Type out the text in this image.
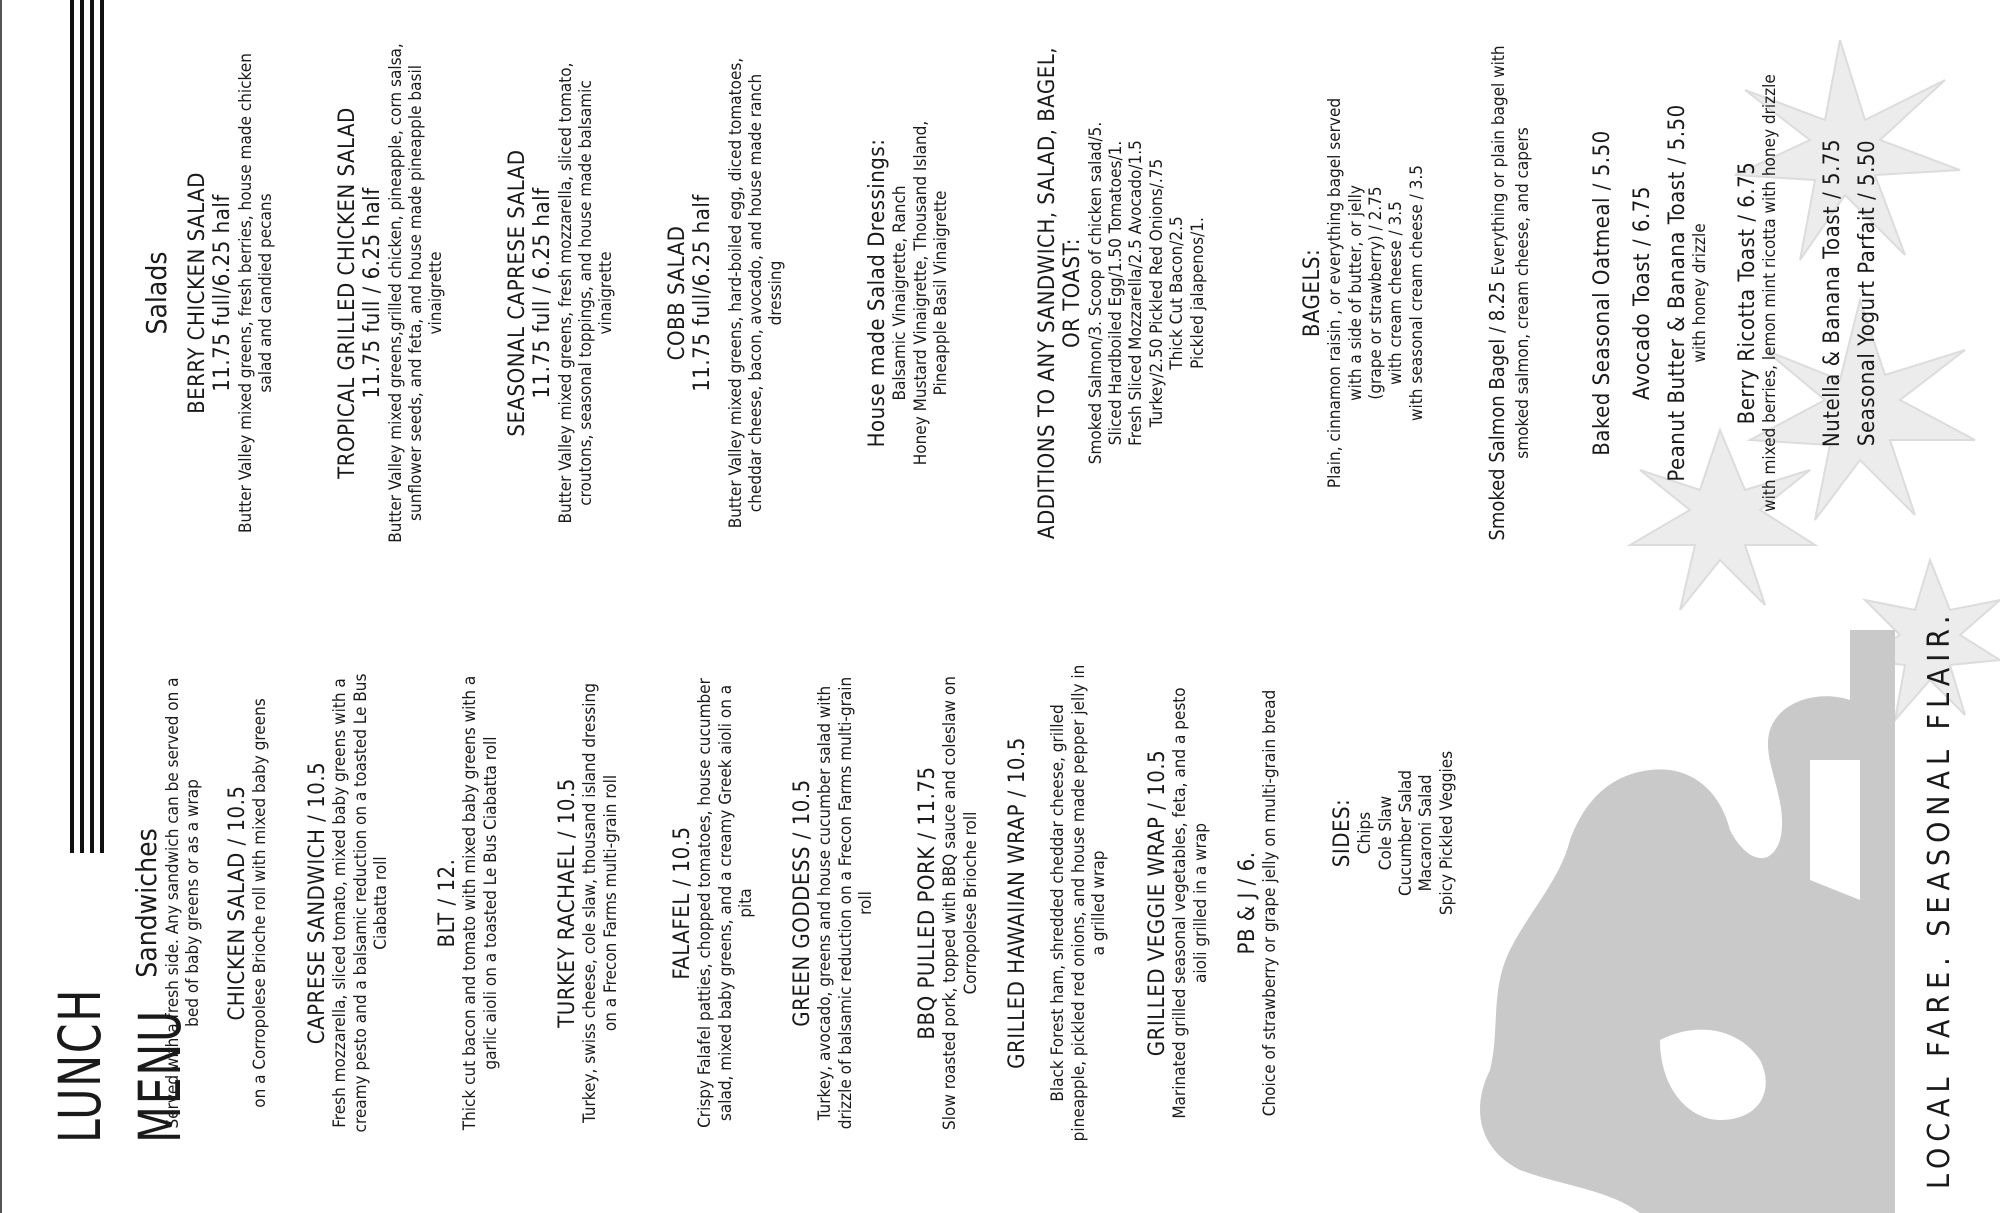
LUNCH MENU
Sandwiches Served with a fresh side. Any sandwich can be served on a bed of baby greens or as a wrap CHICKEN SALAD / 10.5 on a Corropolese Brioche roll with mixed baby greens CAPRESE SANDWICH / 10.5 Fresh mozzarella, sliced tomato, mixed baby greens with a creamy pesto and a balsamic reduction on a toasted Le Bus Ciabatta roll BLT / 12. Thick cut bacon and tomato with mixed baby greens with a garlic aioli on a toasted Le Bus Ciabatta roll TURKEY RACHAEL / 10.5 Turkey, swiss cheese, cole slaw, thousand island dressing on a Frecon Farms multi-grain roll FALAFEL / 10.5 Crispy Falafel patties, chopped tomatoes, house cucumber salad, mixed baby greens, and a creamy Greek aioli on a pita GREEN GODDESS / 10.5 Turkey, avocado, greens and house cucumber salad with drizzle of balsamic reduction on a Frecon Farms multi-grain roll BBQ PULLED PORK / 11.75 Slow roasted pork, topped with BBQ sauce and coleslaw on Corropolese Brioche roll GRILLED HAWAIIAN WRAP / 10.5 Black Forest ham, shredded cheddar cheese, grilled pineapple, pickled red onions, and house made pepper jelly in a grilled wrap GRILLED VEGGIE WRAP / 10.5 Marinated grilled seasonal vegetables, feta, and a pesto aioli grilled in a wrap PB & J / 6. Choice of strawberry or grape jelly on multi-grain bread SIDES: Chips Cole Slaw Cucumber Salad Macaroni Salad Spicy Pickled Veggies
Salads BERRY CHICKEN SALAD 11.75 full/6.25 half Butter Valley mixed greens, fresh berries, house made chicken salad and candied pecans	TROPICAL GRILLED CHICKEN SALAD 11.75 full / 6.25 half Butter Valley mixed greens,grilled chicken, pineapple, corn salsa, sunflower seeds, and feta, and house made pineapple basil vinaigrette	SEASONAL CAPRESE SALAD 11.75 full / 6.25 half Butter Valley mixed greens, fresh mozzarella, sliced tomato, croutons, seasonal toppings, and house made balsamic vinaigrette COBB SALAD 11.75 full/6.25 half Butter Valley mixed greens, hard-boiled egg, diced tomatoes, cheddar cheese, bacon, avocado, and house made ranch dressing	House made Salad Dressings: Balsamic Vinaigrette, Ranch Honey Mustard Vinaigrette, Thousand Island, Pineapple Basil Vinaigrette	ADDITIONS TO ANY SANDWICH, SALAD, BAGEL, OR TOAST: Smoked Salmon/3. Scoop of chicken salad/5. Sliced Hardboiled Egg/1.50 Tomatoes/1. Fresh Sliced Mozzarella/2.5 Avocado/1.5 Turkey/2.50 Pickled Red Onions/.75 Thick Cut Bacon/2.5 Pickled jalapenos/1.	BAGELS: Plain, cinnamon raisin , or everything bagel served with a side of butter, or jelly (grape or strawberry) / 2.75 with cream cheese / 3.5 with seasonal cream cheese / 3.5	Smoked Salmon Bagel / 8.25 Everything or plain bagel with smoked salmon, cream cheese, and capers	Baked Seasonal Oatmeal / 5.50 Avocado Toast / 6.75 Peanut Butter & Banana Toast / 5.50 with honey drizzle Berry Ricotta Toast / 6.75 with mixed berries, lemon mint ricotta with honey drizzle Nutella & Banana Toast / 5.75 Seasonal Yogurt Parfait / 5.50
LOCAL FARE. SEASONAL FLAIR.
